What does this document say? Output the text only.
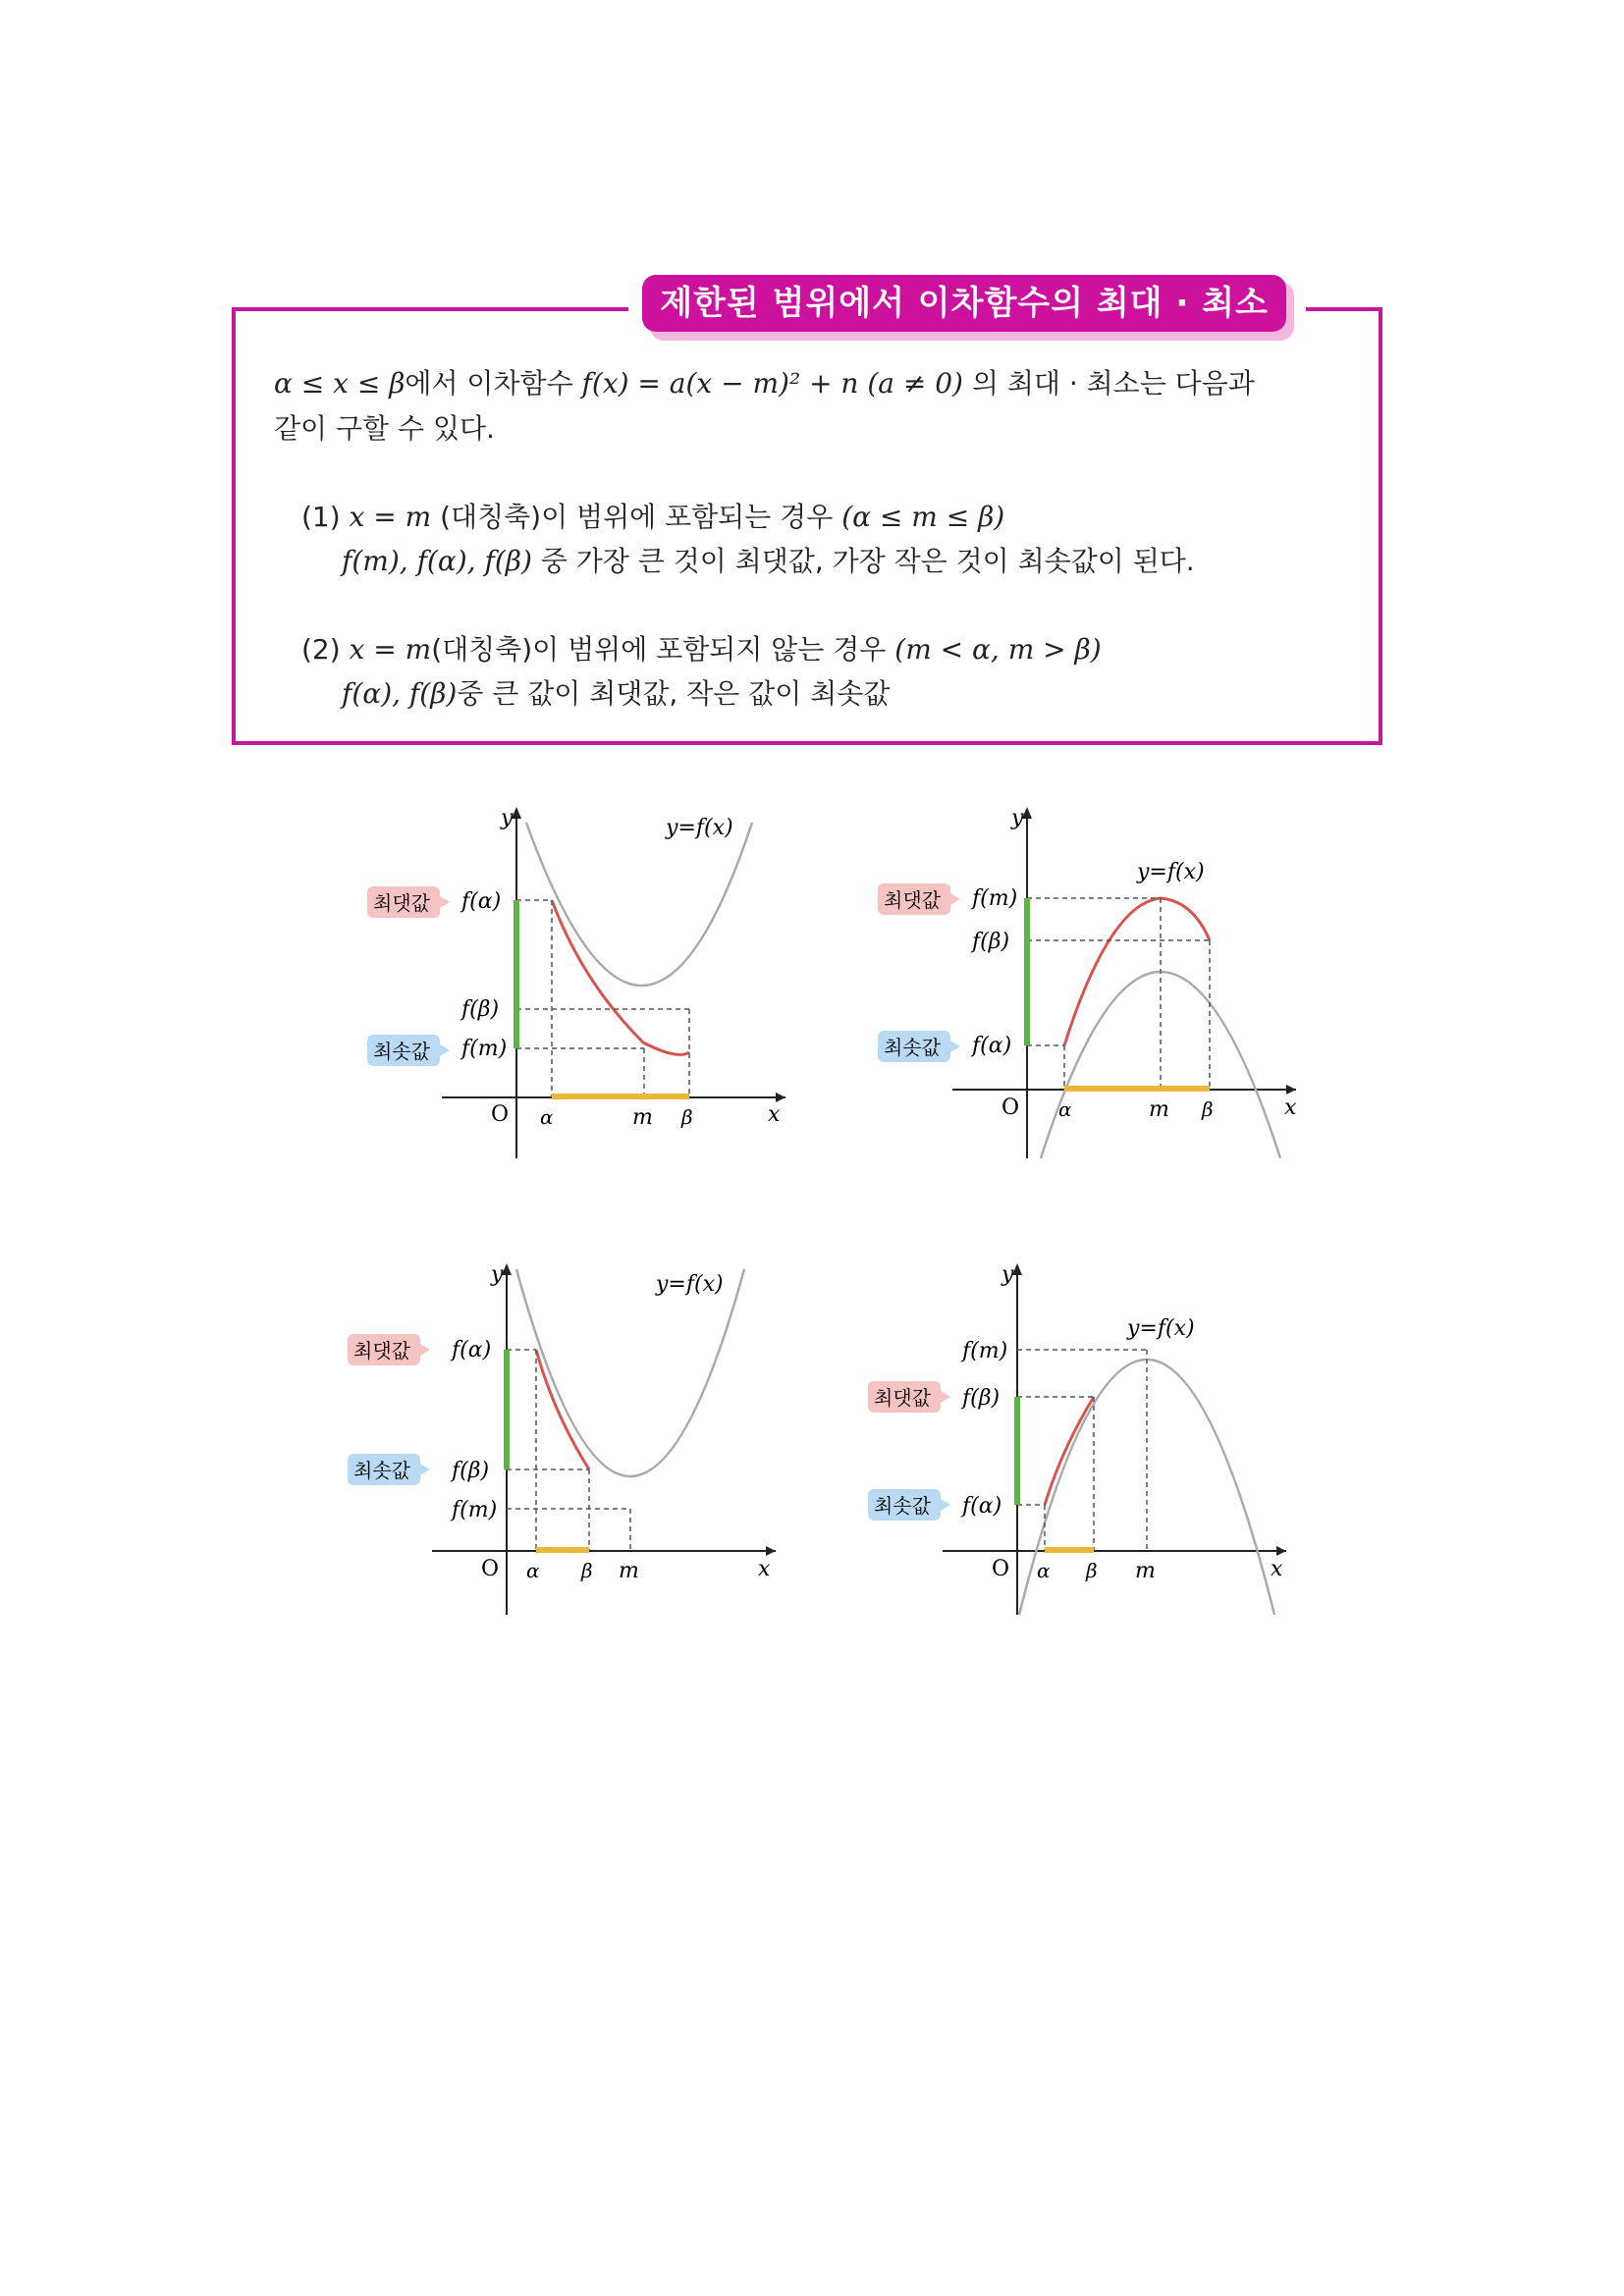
제한된 범위에서 이차함수의 최대 · 최소
α ≤ x ≤ β에서 이차함수 f(x) = a(x − m)² + n (a ≠ 0) 의 최대 · 최소는 다음과
같이 구할 수 있다.
(1) x = m (대칭축)이 범위에 포함되는 경우 (α ≤ m ≤ β)
f(m), f(α), f(β) 중 가장 큰 것이 최댓값, 가장 작은 것이 최솟값이 된다.
(2) x = m(대칭축)이 범위에 포함되지 않는 경우 (m < α, m > β)
f(α), f(β)중 큰 값이 최댓값, 작은 값이 최솟값
y
x
O
f(α)
f(β)
f(m)
α	m β
y=f(x)
최댓값
최솟값
y
x
O
f(m)
f(β)
f(α)
α	m β
y=f(x)
최댓값
최솟값
y
x
O
f(α)
f(β)
f(m)
α β m
y=f(x)
최댓값
최솟값
y
x
O
f(m)
f(β)
f(α)
α β m
y=f(x)
최댓값
최솟값
